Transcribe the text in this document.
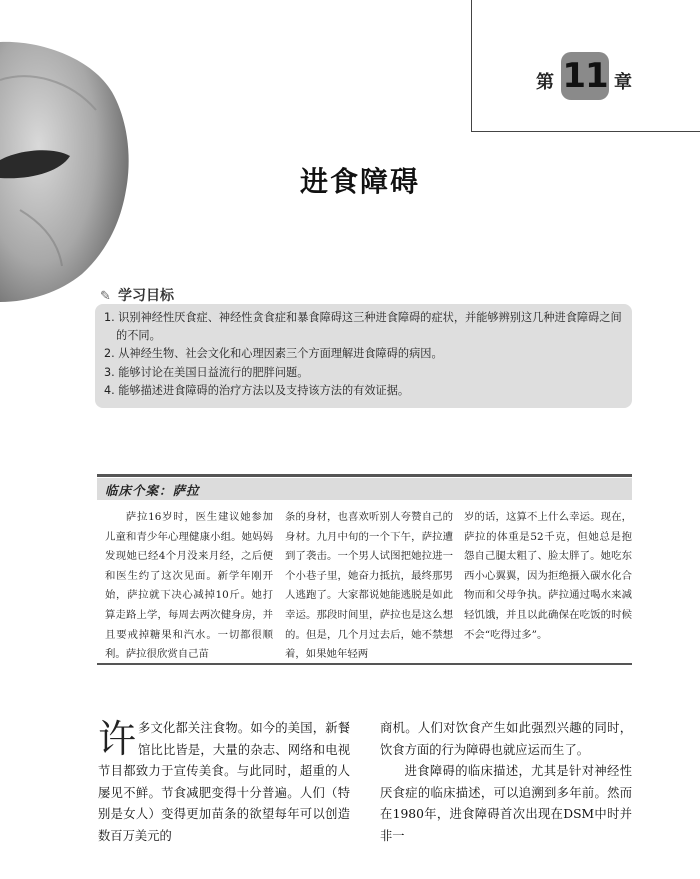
第 11 章
进食障碍
✎ 学习目标
1. 识别神经性厌食症、神经性贪食症和暴食障碍这三种进食障碍的症状，并能够辨别这几种进食障碍之间的不同。
2. 从神经生物、社会文化和心理因素三个方面理解进食障碍的病因。
3. 能够讨论在美国日益流行的肥胖问题。
4. 能够描述进食障碍的治疗方法以及支持该方法的有效证据。
临床个案：萨拉

萨拉16岁时，医生建议她参加儿童和青少年心理健康小组。她妈妈发现她已经4个月没来月经，之后便和医生约了这次见面。新学年刚开始，萨拉就下决心减掉10斤。她打算走路上学，每周去两次健身房，并且要戒掉糖果和汽水。一切都很顺利。萨拉很欣赏自己苗

条的身材，也喜欢听别人夸赞自己的身材。九月中旬的一个下午，萨拉遭到了袭击。一个男人试图把她拉进一个小巷子里，她奋力抵抗，最终那男人逃跑了。大家都说她能逃脱是如此幸运。那段时间里，萨拉也是这么想的。但是，几个月过去后，她不禁想着，如果她年轻两

岁的话，这算不上什么幸运。现在，萨拉的体重是52千克，但她总是抱怨自己腿太粗了、脸太胖了。她吃东西小心翼翼，因为拒绝摄入碳水化合物而和父母争执。萨拉通过喝水来减轻饥饿，并且以此确保在吃饭的时候不会“吃得过多”。

许多文化都关注食物。如今的美国，新餐馆比比皆是，大量的杂志、网络和电视节目都致力于宣传美食。与此同时，超重的人屡见不鲜。节食减肥变得十分普遍。人们（特别是女人）变得更加苗条的欲望每年可以创造数百万美元的

商机。人们对饮食产生如此强烈兴趣的同时，饮食方面的行为障碍也就应运而生了。

进食障碍的临床描述，尤其是针对神经性厌食症的临床描述，可以追溯到多年前。然而在1980年，进食障碍首次出现在DSM中时并非一
